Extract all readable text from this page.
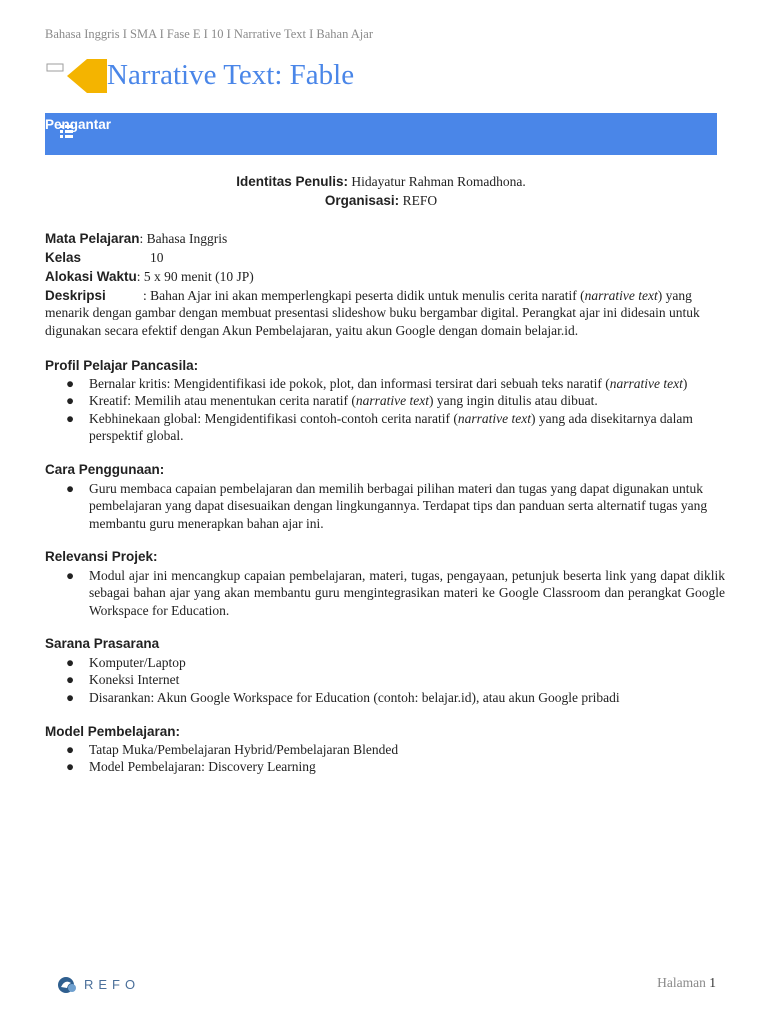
Bahasa Inggris I SMA I Fase E I 10 I Narrative Text I Bahan Ajar
Narrative Text: Fable
Pengantar
Identitas Penulis: Hidayatur Rahman Romadhona.
Organisasi: REFO
Mata Pelajaran: Bahasa Inggris
Kelas	10
Alokasi Waktu: 5 x 90 menit (10 JP)
Deskripsi	: Bahan Ajar ini akan memperlengkapi peserta didik untuk menulis cerita naratif (narrative text) yang menarik dengan gambar dengan membuat presentasi slideshow buku bergambar digital. Perangkat ajar ini didesain untuk digunakan secara efektif dengan Akun Pembelajaran, yaitu akun Google dengan domain belajar.id.
Profil Pelajar Pancasila:
● Bernalar kritis: Mengidentifikasi ide pokok, plot, dan informasi tersirat dari sebuah teks naratif (narrative text)
● Kreatif: Memilih atau menentukan cerita naratif (narrative text) yang ingin ditulis atau dibuat.
● Kebhinekaan global: Mengidentifikasi contoh-contoh cerita naratif (narrative text) yang ada disekitarnya dalam perspektif global.
Cara Penggunaan:
● Guru membaca capaian pembelajaran dan memilih berbagai pilihan materi dan tugas yang dapat digunakan untuk pembelajaran yang dapat disesuaikan dengan lingkungannya. Terdapat tips dan panduan serta alternatif tugas yang membantu guru menerapkan bahan ajar ini.
Relevansi Projek:
● Modul ajar ini mencangkup capaian pembelajaran, materi, tugas, pengayaan, petunjuk beserta link yang dapat diklik sebagai bahan ajar yang akan membantu guru mengintegrasikan materi ke Google Classroom dan perangkat Google Workspace for Education.
Sarana Prasarana
● Komputer/Laptop
● Koneksi Internet
● Disarankan: Akun Google Workspace for Education (contoh: belajar.id), atau akun Google pribadi
Model Pembelajaran:
● Tatap Muka/Pembelajaran Hybrid/Pembelajaran Blended
● Model Pembelajaran: Discovery Learning
REFO	Halaman 1
